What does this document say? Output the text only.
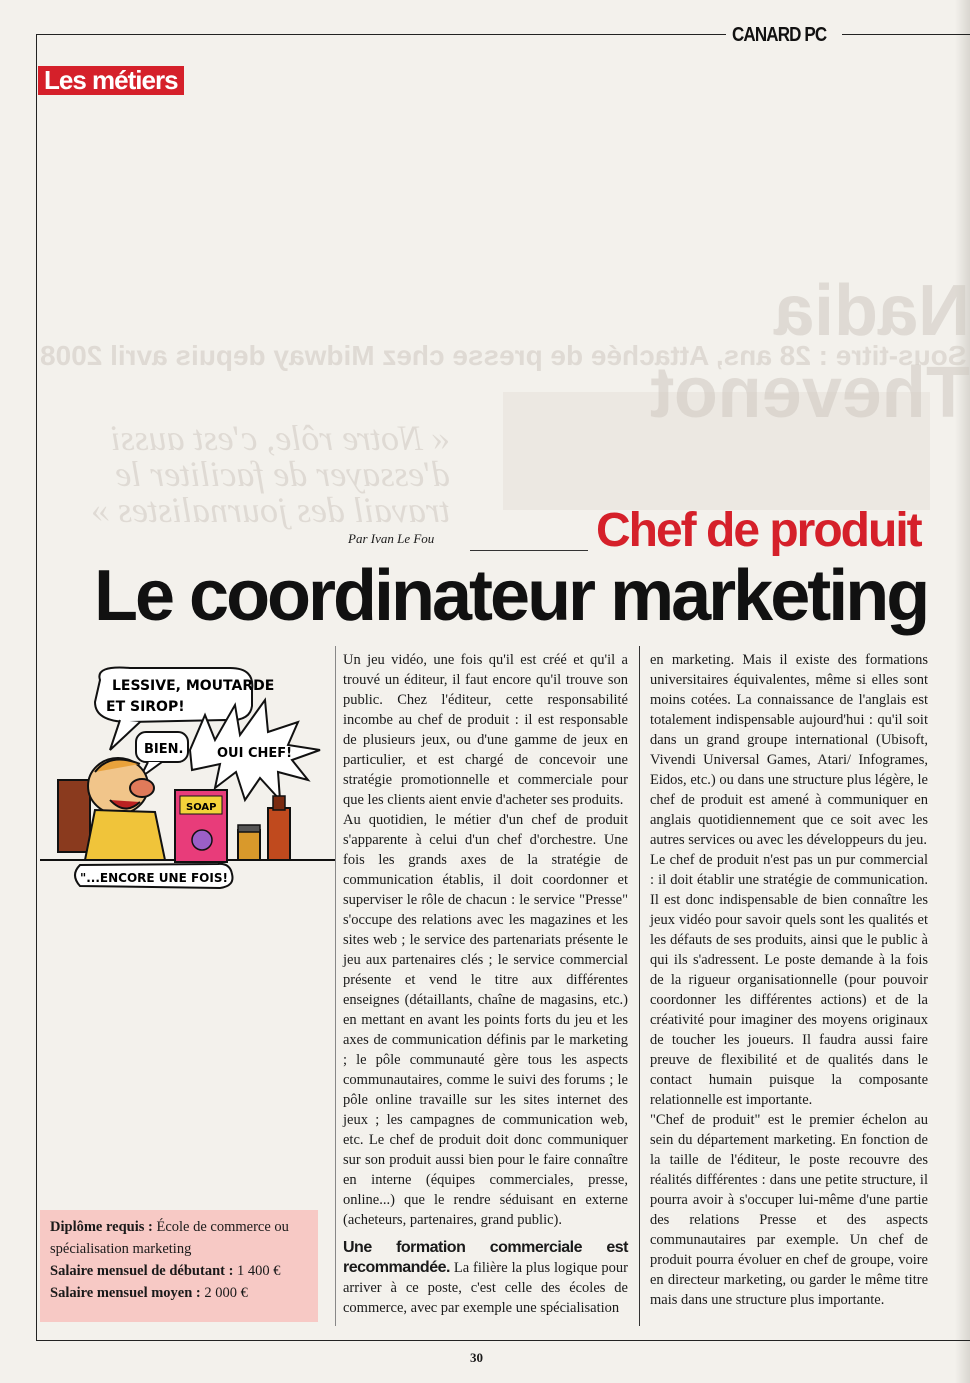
CANARD PC
Les métiers
Nadia Thevenot
Sous-titre : 28 ans, Attachée de presse chez Midway depuis avril 2008
« Notre rôle, c'est aussi d'essayer de faciliter le travail des journalistes »
Par Ivan Le Fou	Chef de produit
Le coordinateur marketing
LESSIVE, MOUTARDE
ET SIROP!
BIEN.	OUI CHEF!
SOAP
"...ENCORE UNE FOIS!

Un jeu vidéo, une fois qu'il est créé et qu'il a trouvé un éditeur, il faut encore qu'il trouve son public. Chez l'éditeur, cette responsabilité incombe au chef de produit : il est responsable de plusieurs jeux, ou d'une gamme de jeux en particulier, et est chargé de concevoir une stratégie promotionnelle et commerciale pour que les clients aient envie d'acheter ses produits.

Au quotidien, le métier d'un chef de produit s'apparente à celui d'un chef d'orchestre. Une fois les grands axes de la stratégie de communication établis, il doit coordonner et superviser le rôle de chacun : le service "Presse" s'occupe des relations avec les magazines et les sites web ; le service des partenariats présente le jeu aux partenaires clés ; le service commercial présente et vend le titre aux différentes enseignes (détaillants, chaîne de magasins, etc.) en mettant en avant les points forts du jeu et les axes de communication définis par le marketing ; le pôle communauté gère tous les aspects communautaires, comme le suivi des forums ; le pôle online travaille sur les sites internet des jeux ; les campagnes de communication web, etc. Le chef de produit doit donc communiquer sur son produit aussi bien pour le faire connaître en interne (équipes commerciales, presse, online...) que le rendre séduisant en externe (acheteurs, partenaires, grand public).

Une formation commerciale est recommandée. La filière la plus logique pour arriver à ce poste, c'est celle des écoles de commerce, avec par exemple une spécialisation

en marketing. Mais il existe des formations universitaires équivalentes, même si elles sont moins cotées. La connaissance de l'anglais est totalement indispensable aujourd'hui : qu'il soit dans un grand groupe international (Ubisoft, Vivendi Universal Games, Atari/ Infogrames, Eidos, etc.) ou dans une structure plus légère, le chef de produit est amené à communiquer en anglais quotidiennement que ce soit avec les autres services ou avec les développeurs du jeu.

Le chef de produit n'est pas un pur commercial : il doit établir une stratégie de communication. Il est donc indispensable de bien connaître les jeux vidéo pour savoir quels sont les qualités et les défauts de ses produits, ainsi que le public à qui ils s'adressent. Le poste demande à la fois de la rigueur organisationnelle (pour pouvoir coordonner les différentes actions) et de la créativité pour imaginer des moyens originaux de toucher les joueurs. Il faudra aussi faire preuve de flexibilité et de qualités dans le contact humain puisque la composante relationnelle est importante.

"Chef de produit" est le premier échelon au sein du département marketing. En fonction de la taille de l'éditeur, le poste recouvre des réalités différentes : dans une petite structure, il pourra avoir à s'occuper lui-même d'une partie des relations Presse et des aspects communautaires par exemple. Un chef de produit pourra évoluer en chef de groupe, voire en directeur marketing, ou garder le même titre mais dans une structure plus importante.

Diplôme requis : École de commerce ou spécialisation marketing
Salaire mensuel de débutant : 1 400 €
Salaire mensuel moyen : 2 000 €
30
